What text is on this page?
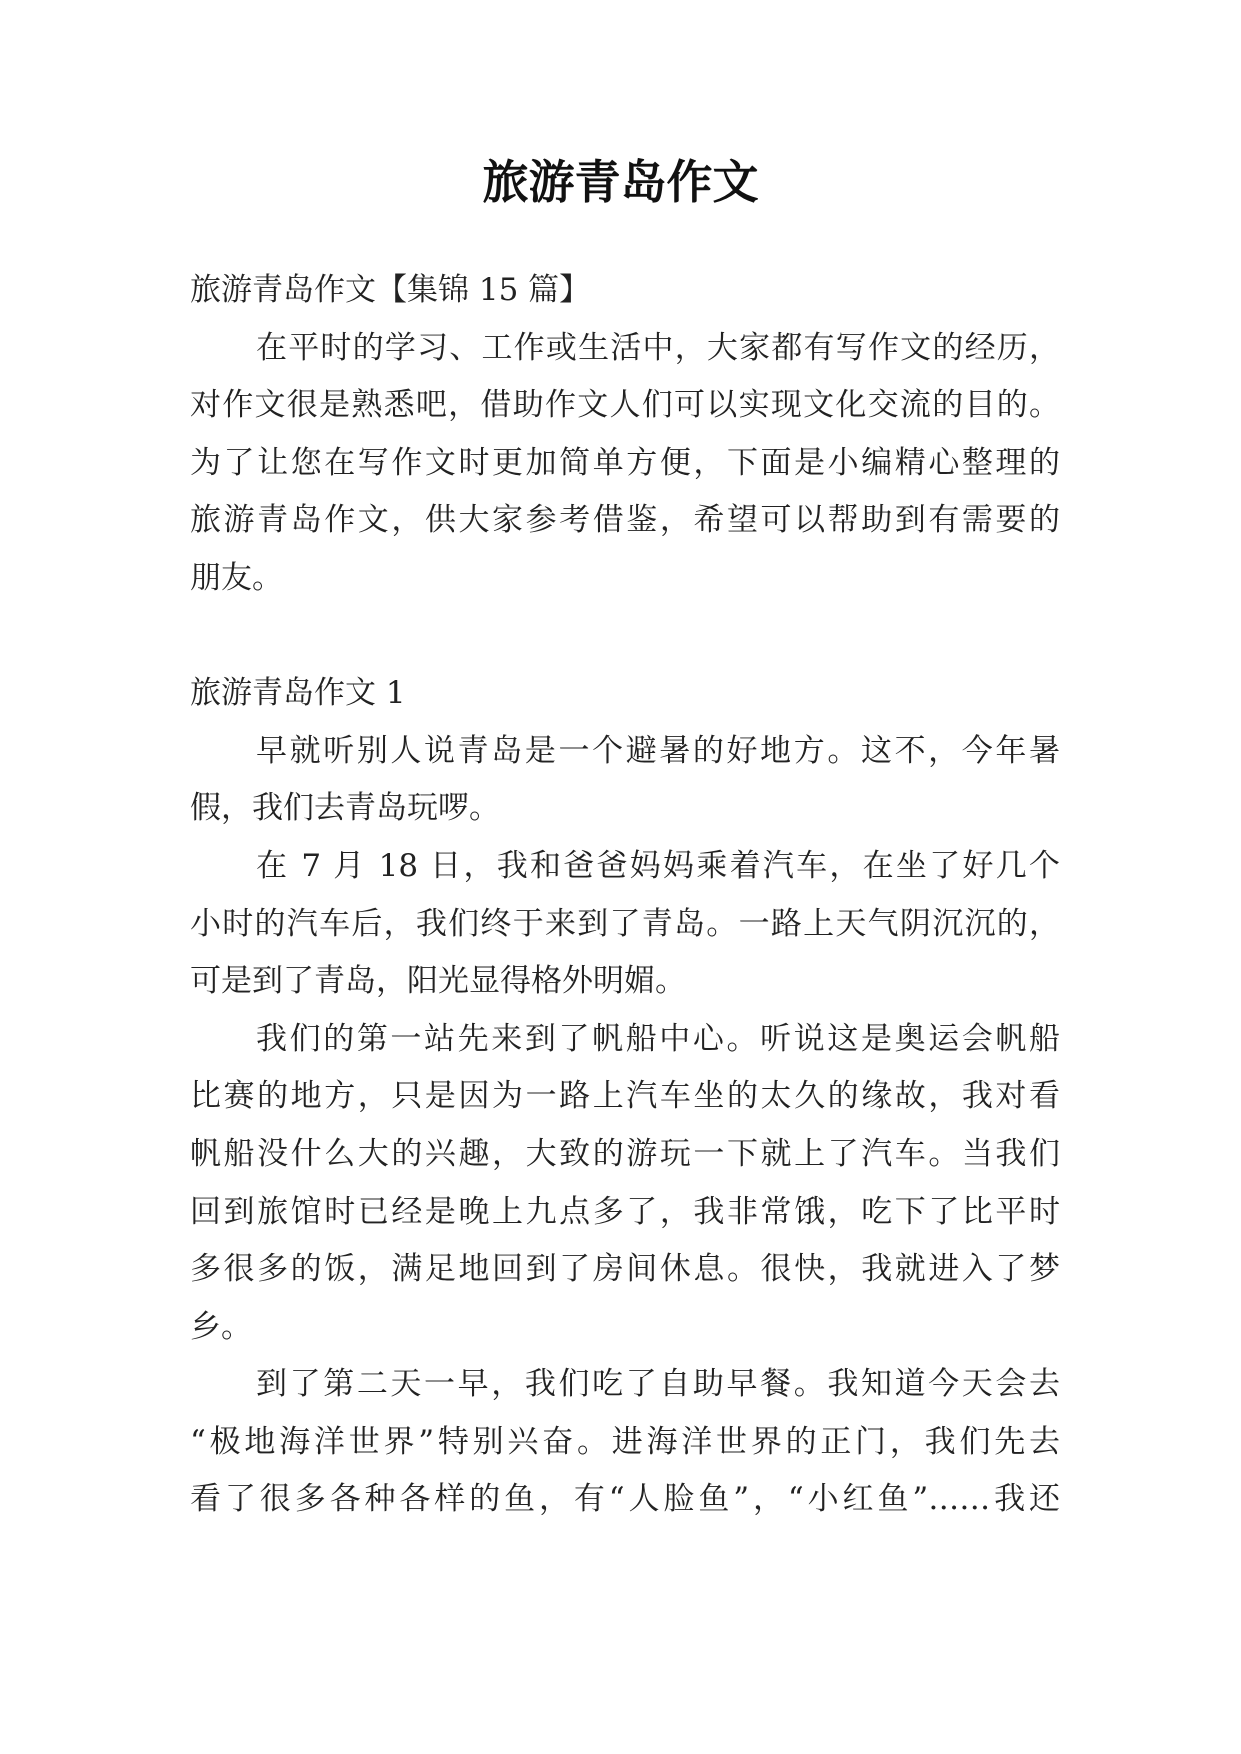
旅游青岛作文
旅游青岛作文【集锦 15 篇】
在平时的学习、工作或生活中，大家都有写作文的经历，
对作文很是熟悉吧，借助作文人们可以实现文化交流的目的。
为了让您在写作文时更加简单方便，下面是小编精心整理的
旅游青岛作文，供大家参考借鉴，希望可以帮助到有需要的
朋友。
旅游青岛作文 1
早就听别人说青岛是一个避暑的好地方。这不，今年暑
假，我们去青岛玩啰。
在 7 月 18 日，我和爸爸妈妈乘着汽车，在坐了好几个
小时的汽车后，我们终于来到了青岛。一路上天气阴沉沉的，
可是到了青岛，阳光显得格外明媚。
我们的第一站先来到了帆船中心。听说这是奥运会帆船
比赛的地方，只是因为一路上汽车坐的太久的缘故，我对看
帆船没什么大的兴趣，大致的游玩一下就上了汽车。当我们
回到旅馆时已经是晚上九点多了，我非常饿，吃下了比平时
多很多的饭，满足地回到了房间休息。很快，我就进入了梦
乡。
到了第二天一早，我们吃了自助早餐。我知道今天会去
“极地海洋世界”特别兴奋。进海洋世界的正门，我们先去
看了很多各种各样的鱼，有“人脸鱼”，“小红鱼”……我还
